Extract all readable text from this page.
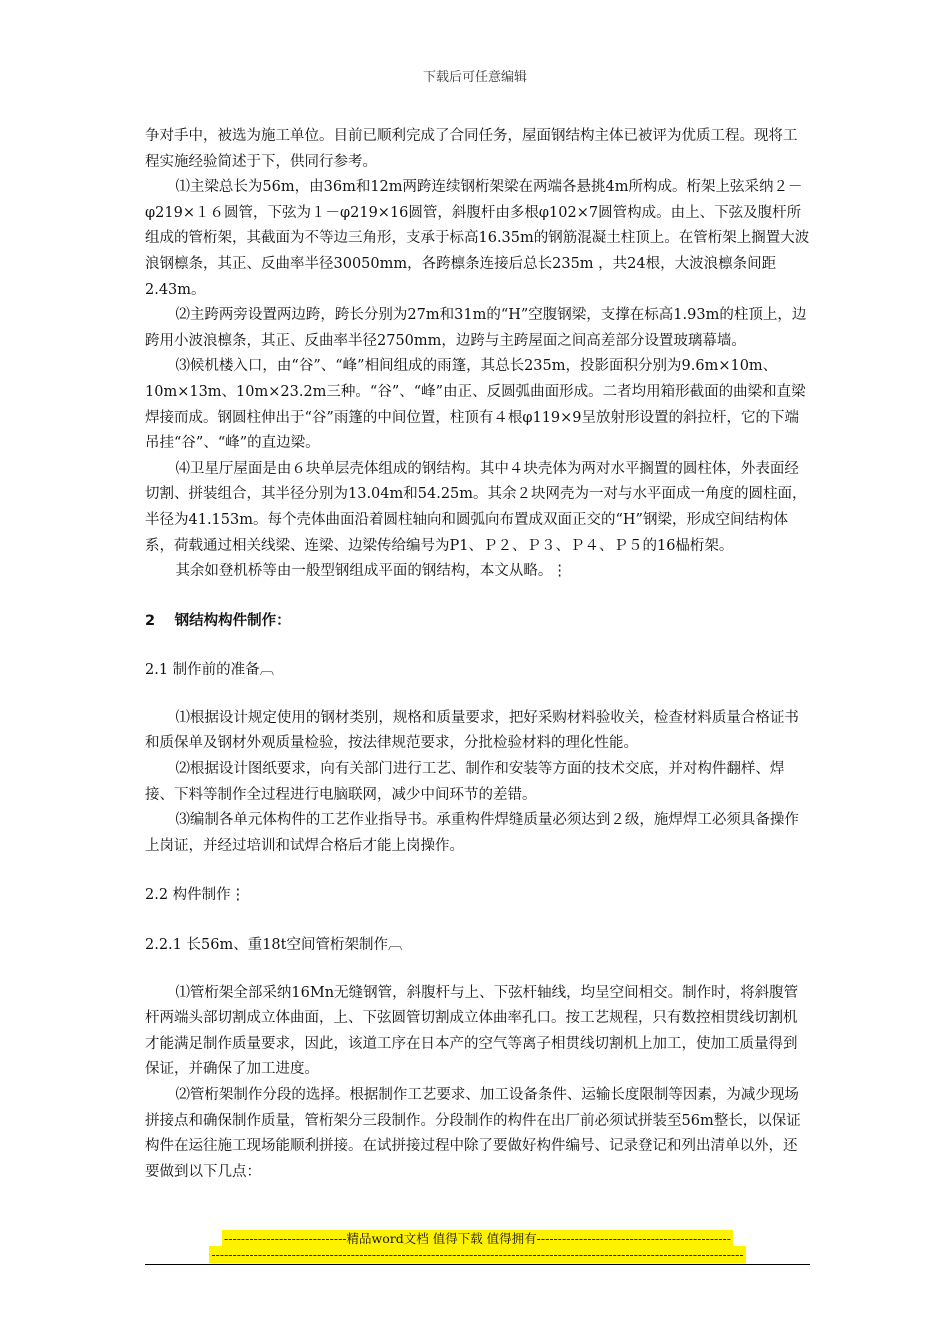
下载后可任意编辑

争对手中，被选为施工单位。目前已顺利完成了合同任务，屋面钢结构主体已被评为优质工程。现将工程实施经验简述于下，供同行参考。

⑴主梁总长为56m，由36m和12m两跨连续钢桁架梁在两端各悬挑4m所构成。桁架上弦采纳２－φ219×１６圆管，下弦为１－φ219×16圆管，斜腹杆由多根φ102×7圆管构成。由上、下弦及腹杆所组成的管桁架，其截面为不等边三角形，支承于标高16.35m的钢筋混凝土柱顶上。在管桁架上搁置大波浪钢檩条，其正、反曲率半径30050mm，各跨檩条连接后总长235m ，共24根，大波浪檩条间距2.43m。

⑵主跨两旁设置两边跨，跨长分别为27m和31m的“H”空腹钢梁，支撑在标高1.93m的柱顶上，边跨用小波浪檩条，其正、反曲率半径2750mm，边跨与主跨屋面之间高差部分设置玻璃幕墙。

⑶候机楼入口，由“谷”、“峰”相间组成的雨篷，其总长235m，投影面积分别为9.6m×10m、10m×13m、10m×23.2m三种。“谷”、“峰”由正、反圆弧曲面形成。二者均用箱形截面的曲梁和直梁焊接而成。钢圆柱伸出于“谷”雨篷的中间位置，柱顶有４根φ119×9呈放射形设置的斜拉杆，它的下端吊挂“谷”、“峰”的直边梁。

⑷卫星厅屋面是由６块单层壳体组成的钢结构。其中４块壳体为两对水平搁置的圆柱体，外表面经切割、拼装组合，其半径分别为13.04m和54.25m。其余２块网壳为一对与水平面成一角度的圆柱面，半径为41.153m。每个壳体曲面沿着圆柱轴向和圆弧向布置成双面正交的“H”钢梁，形成空间结构体系，荷载通过相关线梁、连梁、边梁传给编号为P1、Ｐ２、Ｐ３、Ｐ４、Ｐ５的16榀桁架。

其余如登机桥等由一般型钢组成平面的钢结构，本文从略。⋮

2　 钢结构构件制作：

2.1 制作前的准备︹

⑴根据设计规定使用的钢材类别，规格和质量要求，把好采购材料验收关，检查材料质量合格证书和质保单及钢材外观质量检验，按法律规范要求，分批检验材料的理化性能。

⑵根据设计图纸要求，向有关部门进行工艺、制作和安装等方面的技术交底，并对构件翻样、焊接、下料等制作全过程进行电脑联网，减少中间环节的差错。

⑶编制各单元体构件的工艺作业指导书。承重构件焊缝质量必须达到２级，施焊焊工必须具备操作上岗证，并经过培训和试焊合格后才能上岗操作。

2.2 构件制作⋮

2.2.1 长56m、重18t空间管桁架制作︹

⑴管桁架全部采纳16Mn无缝钢管，斜腹杆与上、下弦杆轴线，均呈空间相交。制作时，将斜腹管杆两端头部切割成立体曲面，上、下弦圆管切割成立体曲率孔口。按工艺规程，只有数控相贯线切割机才能满足制作质量要求，因此，该道工序在日本产的空气等离子相贯线切割机上加工，使加工质量得到保证，并确保了加工进度。

⑵管桁架制作分段的选择。根据制作工艺要求、加工设备条件、运输长度限制等因素，为减少现场拼接点和确保制作质量，管桁架分三段制作。分段制作的构件在出厂前必须试拼装至56m整长，以保证构件在运往施工现场能顺利拼接。在试拼接过程中除了要做好构件编号、记录登记和列出清单以外，还要做到以下几点：

-----------------------------精品word文档 值得下载 值得拥有----------------------------------------------
------------------------------------------------------------------------------------------------------------------------------
